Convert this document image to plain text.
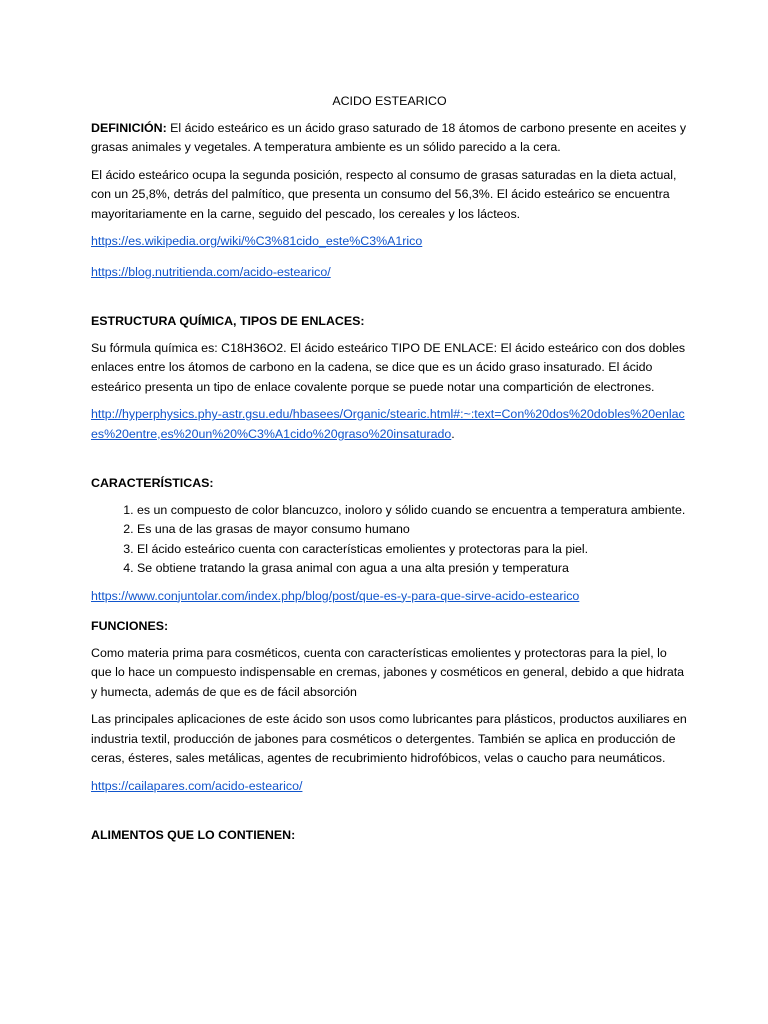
ACIDO ESTEARICO

DEFINICIÓN: El ácido esteárico es un ácido graso saturado de 18 átomos de carbono presente en aceites y grasas animales y vegetales. A temperatura ambiente es un sólido parecido a la cera.

El ácido esteárico ocupa la segunda posición, respecto al consumo de grasas saturadas en la dieta actual, con un 25,8%, detrás del palmítico, que presenta un consumo del 56,3%. El ácido esteárico se encuentra mayoritariamente en la carne, seguido del pescado, los cereales y los lácteos.

https://es.wikipedia.org/wiki/%C3%81cido_este%C3%A1rico

https://blog.nutritienda.com/acido-estearico/

ESTRUCTURA QUÍMICA, TIPOS DE ENLACES:

Su fórmula química es: C18H36O2. El ácido esteárico TIPO DE ENLACE: El ácido esteárico con dos dobles enlaces entre los átomos de carbono en la cadena, se dice que es un ácido graso insaturado. El ácido esteárico presenta un tipo de enlace covalente porque se puede notar una compartición de electrones.

http://hyperphysics.phy-astr.gsu.edu/hbasees/Organic/stearic.html#:~:text=Con%20dos%20dobles%20enlaces%20entre,es%20un%20%C3%A1cido%20graso%20insaturado.

CARACTERÍSTICAS:

1. es un compuesto de color blancuzco, inoloro y sólido cuando se encuentra a temperatura ambiente.
2. Es una de las grasas de mayor consumo humano
3. El ácido esteárico cuenta con características emolientes y protectoras para la piel.
4. Se obtiene tratando la grasa animal con agua a una alta presión y temperatura

https://www.conjuntolar.com/index.php/blog/post/que-es-y-para-que-sirve-acido-estearico

FUNCIONES:

Como materia prima para cosméticos, cuenta con características emolientes y protectoras para la piel, lo que lo hace un compuesto indispensable en cremas, jabones y cosméticos en general, debido a que hidrata y humecta, además de que es de fácil absorción

Las principales aplicaciones de este ácido son usos como lubricantes para plásticos, productos auxiliares en industria textil, producción de jabones para cosméticos o detergentes. También se aplica en producción de ceras, ésteres, sales metálicas, agentes de recubrimiento hidrofóbicos, velas o caucho para neumáticos.

https://cailapares.com/acido-estearico/

ALIMENTOS QUE LO CONTIENEN:
